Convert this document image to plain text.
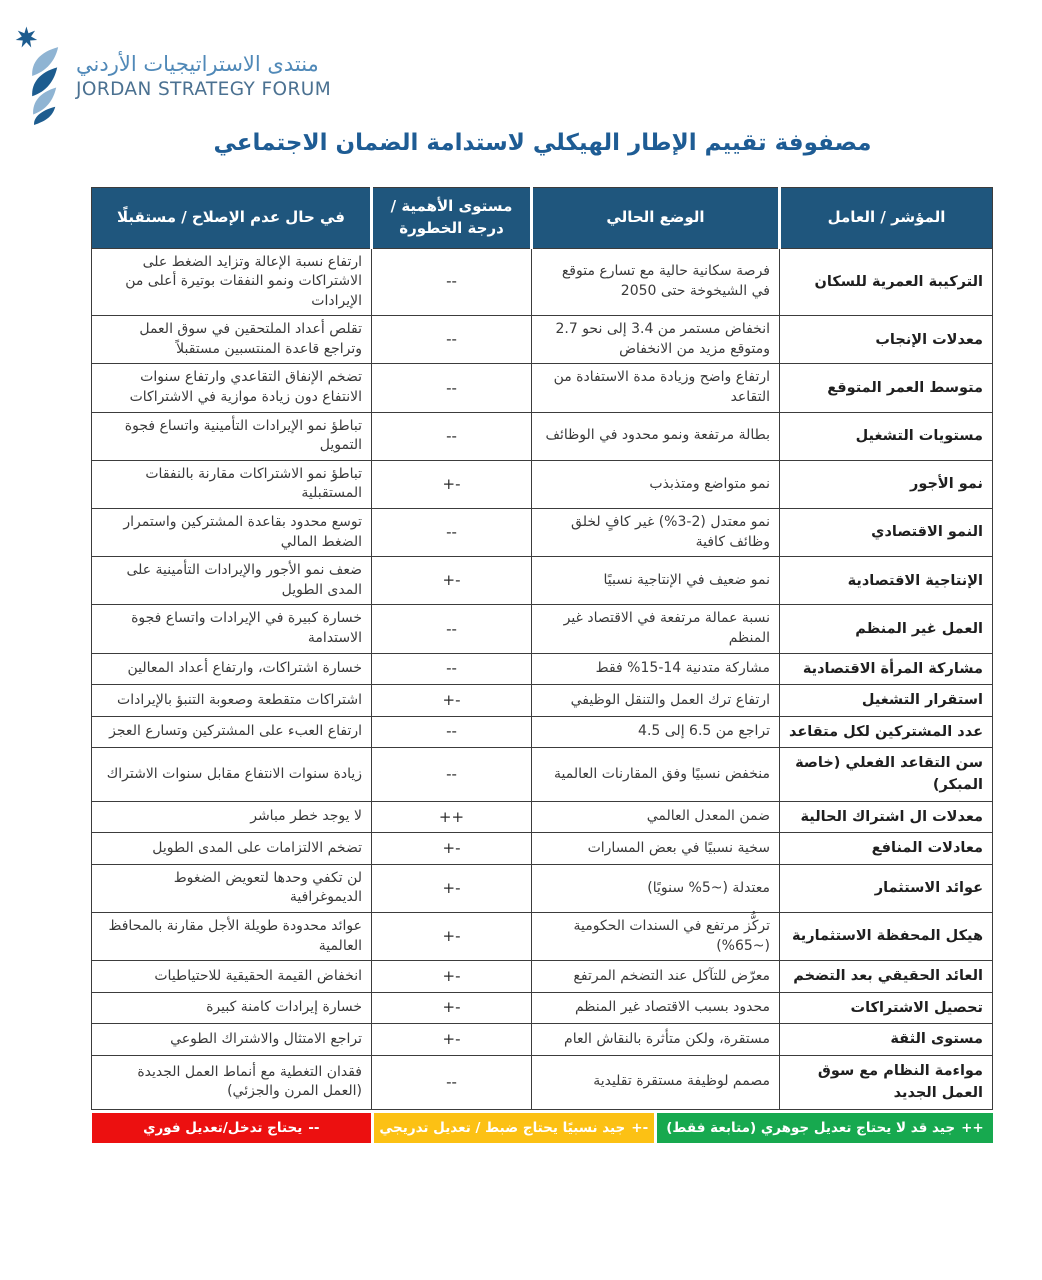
منتدى الاستراتيجيات الأردني
JORDAN STRATEGY FORUM
مصفوفة تقييم الإطار الهيكلي لاستدامة الضمان الاجتماعي
المؤشر / العامل	الوضع الحالي	مستوى الأهمية / درجة الخطورة	في حال عدم الإصلاح / مستقبلًا
التركيبة العمرية للسكان	فرصة سكانية حالية مع تسارع متوقع في الشيخوخة حتى 2050	--	ارتفاع نسبة الإعالة وتزايد الضغط على الاشتراكات ونمو النفقات بوتيرة أعلى من الإيرادات
معدلات الإنجاب	انخفاض مستمر من 3.4 إلى نحو 2.7 ومتوقع مزيد من الانخفاض	--	تقلص أعداد الملتحقين في سوق العمل وتراجع قاعدة المنتسبين مستقبلاً
متوسط العمر المتوقع	ارتفاع واضح وزيادة مدة الاستفادة من التقاعد	--	تضخم الإنفاق التقاعدي وارتفاع سنوات الانتفاع دون زيادة موازية في الاشتراكات
مستويات التشغيل	بطالة مرتفعة ونمو محدود في الوظائف	--	تباطؤ نمو الإيرادات التأمينية واتساع فجوة التمويل
نمو الأجور	نمو متواضع ومتذبذب	+-	تباطؤ نمو الاشتراكات مقارنة بالنفقات المستقبلية
النمو الاقتصادي	نمو معتدل (2-3%) غير كافٍ لخلق وظائف كافية	--	توسع محدود بقاعدة المشتركين واستمرار الضغط المالي
الإنتاجية الاقتصادية	نمو ضعيف في الإنتاجية نسبيًا	+-	ضعف نمو الأجور والإيرادات التأمينية على المدى الطويل
العمل غير المنظم	نسبة عمالة مرتفعة في الاقتصاد غير المنظم	--	خسارة كبيرة في الإيرادات واتساع فجوة الاستدامة
مشاركة المرأة الاقتصادية	مشاركة متدنية 14-15% فقط	--	خسارة اشتراكات، وارتفاع أعداد المعالين
استقرار التشغيل	ارتفاع ترك العمل والتنقل الوظيفي	+-	اشتراكات متقطعة وصعوبة التنبؤ بالإيرادات
عدد المشتركين لكل متقاعد	تراجع من 6.5 إلى 4.5	--	ارتفاع العبء على المشتركين وتسارع العجز
سن التقاعد الفعلي (خاصة المبكر)	منخفض نسبيًا وفق المقارنات العالمية	--	زيادة سنوات الانتفاع مقابل سنوات الاشتراك
معدلات ال اشتراك الحالية	ضمن المعدل العالمي	++	لا يوجد خطر مباشر
معادلات المنافع	سخية نسبيًا في بعض المسارات	+-	تضخم الالتزامات على المدى الطويل
عوائد الاستثمار	معتدلة (~5% سنويًا)	+-	لن تكفي وحدها لتعويض الضغوط الديموغرافية
هيكل المحفظة الاستثمارية	تركُّز مرتفع في السندات الحكومية (~65%)	+-	عوائد محدودة طويلة الأجل مقارنة بالمحافظ العالمية
العائد الحقيقي بعد التضخم	معرّض للتآكل عند التضخم المرتفع	+-	انخفاض القيمة الحقيقية للاحتياطيات
تحصيل الاشتراكات	محدود بسبب الاقتصاد غير المنظم	+-	خسارة إيرادات كامنة كبيرة
مستوى الثقة	مستقرة، ولكن متأثرة بالنقاش العام	+-	تراجع الامتثال والاشتراك الطوعي
مواءمة النظام مع سوق العمل الجديد	مصمم لوظيفة مستقرة تقليدية	--	فقدان التغطية مع أنماط العمل الجديدة (العمل المرن والجزئي)
++
جيد قد لا يحتاج تعديل جوهري (متابعة فقط)
+-
جيد نسبيًا يحتاج ضبط / تعديل تدريجي
--
يحتاج تدخل/تعديل فوري
